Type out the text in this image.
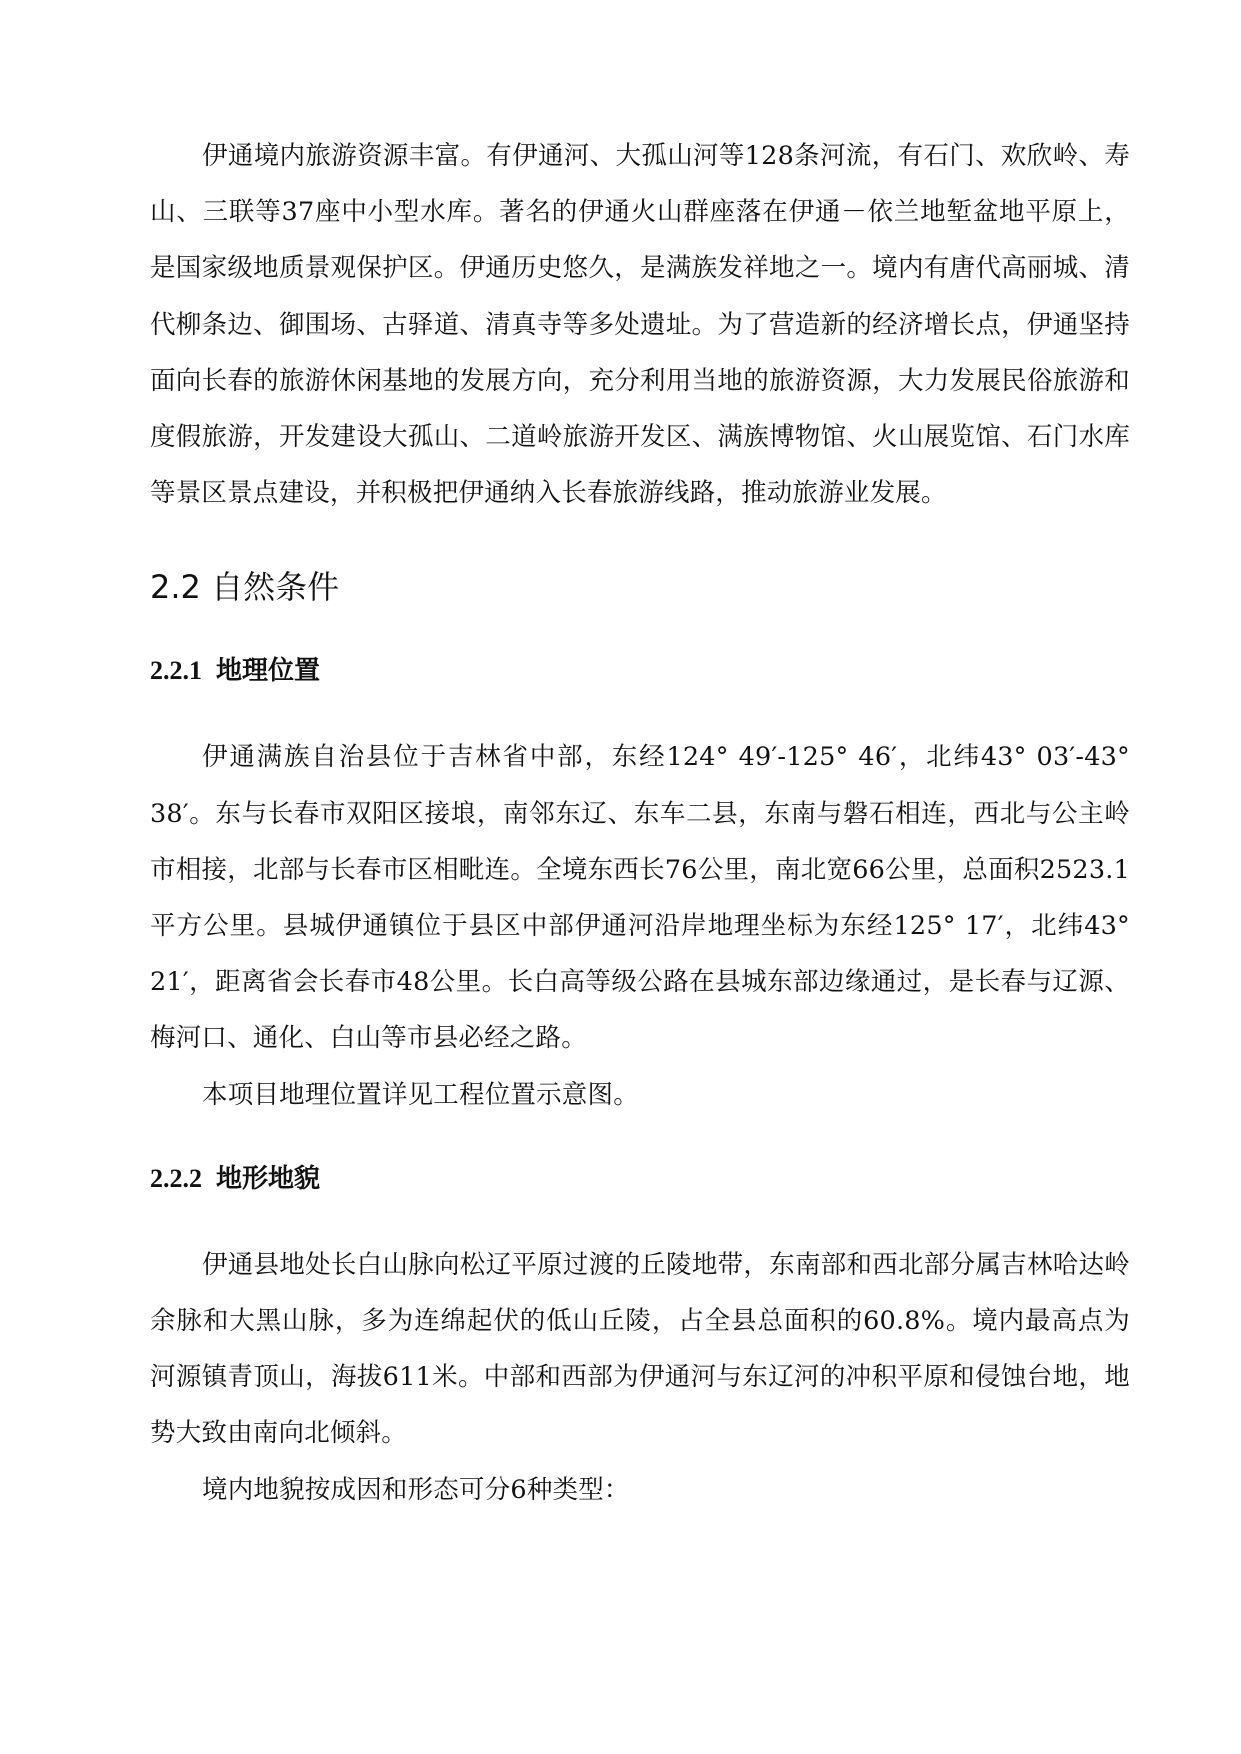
伊通境内旅游资源丰富。有伊通河、大孤山河等128条河流，有石门、欢欣岭、寿山、三联等37座中小型水库。著名的伊通火山群座落在伊通－依兰地堑盆地平原上，是国家级地质景观保护区。伊通历史悠久，是满族发祥地之一。境内有唐代高丽城、清代柳条边、御围场、古驿道、清真寺等多处遗址。为了营造新的经济增长点，伊通坚持面向长春的旅游休闲基地的发展方向，充分利用当地的旅游资源，大力发展民俗旅游和度假旅游，开发建设大孤山、二道岭旅游开发区、满族博物馆、火山展览馆、石门水库等景区景点建设，并积极把伊通纳入长春旅游线路，推动旅游业发展。

2.2 自然条件
2.2.1 地理位置

伊通满族自治县位于吉林省中部，东经124° 49′-125° 46′，北纬43° 03′-43° 38′。东与长春市双阳区接埌，南邻东辽、东车二县，东南与磐石相连，西北与公主岭市相接，北部与长春市区相毗连。全境东西长76公里，南北宽66公里，总面积2523.1平方公里。县城伊通镇位于县区中部伊通河沿岸地理坐标为东经125° 17′，北纬43° 21′，距离省会长春市48公里。长白高等级公路在县城东部边缘通过，是长春与辽源、梅河口、通化、白山等市县必经之路。

本项目地理位置详见工程位置示意图。

2.2.2 地形地貌

伊通县地处长白山脉向松辽平原过渡的丘陵地带，东南部和西北部分属吉林哈达岭余脉和大黑山脉，多为连绵起伏的低山丘陵，占全县总面积的60.8%。境内最高点为河源镇青顶山，海拔611米。中部和西部为伊通河与东辽河的冲积平原和侵蚀台地，地势大致由南向北倾斜。

境内地貌按成因和形态可分6种类型：
